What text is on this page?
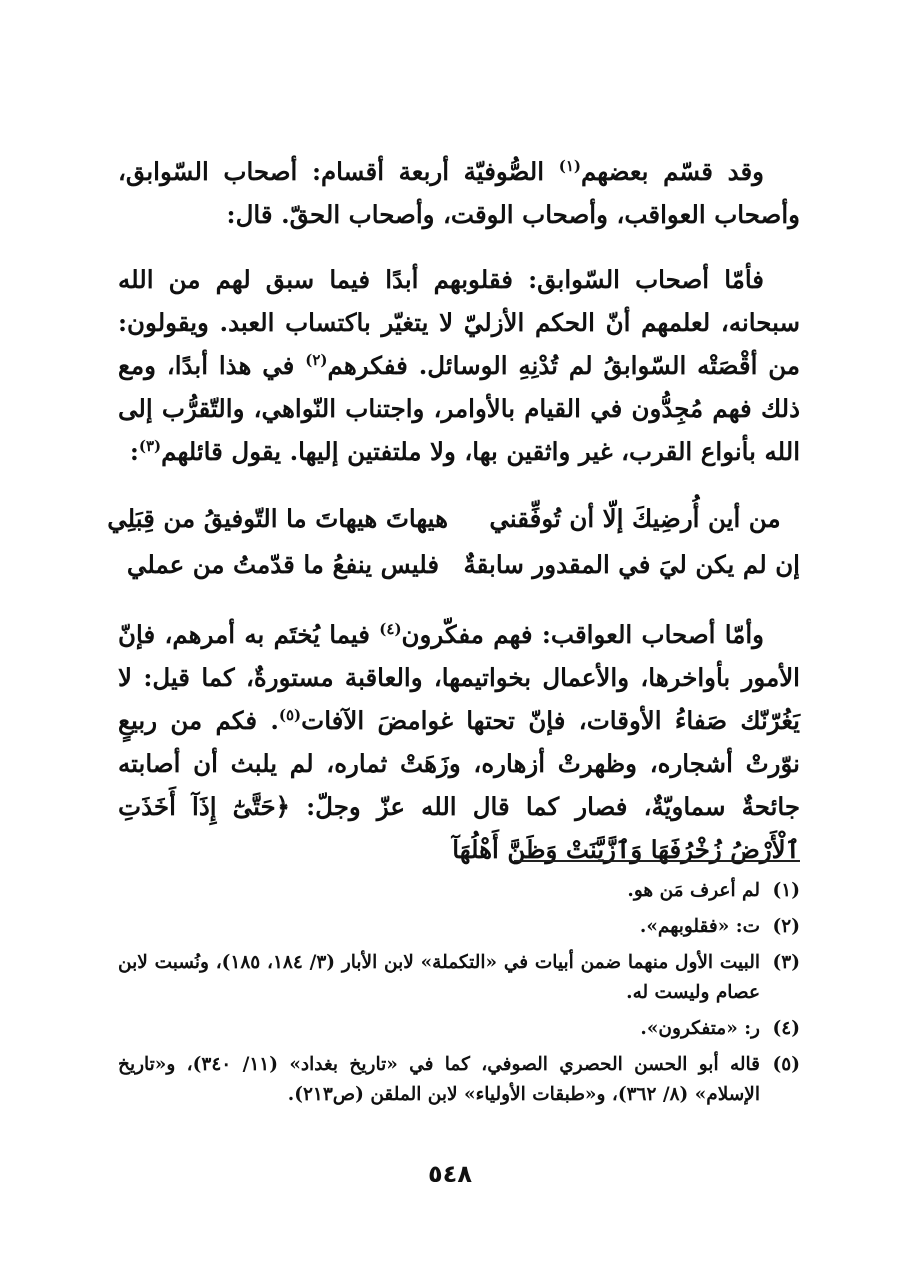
وقد قسّم بعضهم$^{(١)}$ الصُّوفيّة أربعة أقسام: أصحاب السّوابق، وأصحاب العواقب، وأصحاب الوقت، وأصحاب الحقّ. قال:

فأمّا أصحاب السّوابق: فقلوبهم أبدًا فيما سبق لهم من الله سبحانه، لعلمهم أنّ الحكم الأزليّ لا يتغيّر باكتساب العبد. ويقولون: من أقْصَتْه السّوابقُ لم تُدْنِهِ الوسائل. ففكرهم$^{(٢)}$ في هذا أبدًا، ومع ذلك فهم مُجِدُّون في القيام بالأوامر، واجتناب النّواهي، والتّقرُّب إلى الله بأنواع القرب، غير واثقين بها، ولا ملتفتين إليها. يقول قائلهم$^{(٣)}$:

من أين أُرضِيكَ إلّا أن تُوفِّقني
هيهاتَ هيهاتَ ما التّوفيقُ من قِبَلِي
إن لم يكن ليَ في المقدور سابقةٌ
فليس ينفعُ ما قدّمتُ من عملي

وأمّا أصحاب العواقب: فهم مفكّرون$^{(٤)}$ فيما يُختَم به أمرهم، فإنّ الأمور بأواخرها، والأعمال بخواتيمها، والعاقبة مستورةٌ، كما قيل: لا يَغُرّنّك صَفاءُ الأوقات، فإنّ تحتها غوامضَ الآفات$^{(٥)}$. فكم من ربيعٍ نوّرتْ أشجاره، وظهرتْ أزهاره، وزَهَتْ ثماره، لم يلبث أن أصابته جائحةٌ سماويّةٌ، فصار كما قال الله عزّ وجلّ: ﴿حَتَّىٰٓ إِذَآ أَخَذَتِ ٱلْأَرْضُ زُخْرُفَهَا وَٱزَّيَّنَتْ وَظَنَّ أَهْلُهَآ

(١)
لم أعرف مَن هو.
(٢)
ت: «فقلوبهم».
(٣)
البيت الأول منهما ضمن أبيات في «التكملة» لابن الأبار (٣/ ١٨٤، ١٨٥)، ونُسبت لابن عصام وليست له.
(٤)
ر: «متفكرون».
(٥)
قاله أبو الحسن الحصري الصوفي، كما في «تاريخ بغداد» (١١/ ٣٤٠)، و«تاريخ الإسلام» (٨/ ٣٦٢)، و«طبقات الأولياء» لابن الملقن (ص٢١٣).
٥٤٨
